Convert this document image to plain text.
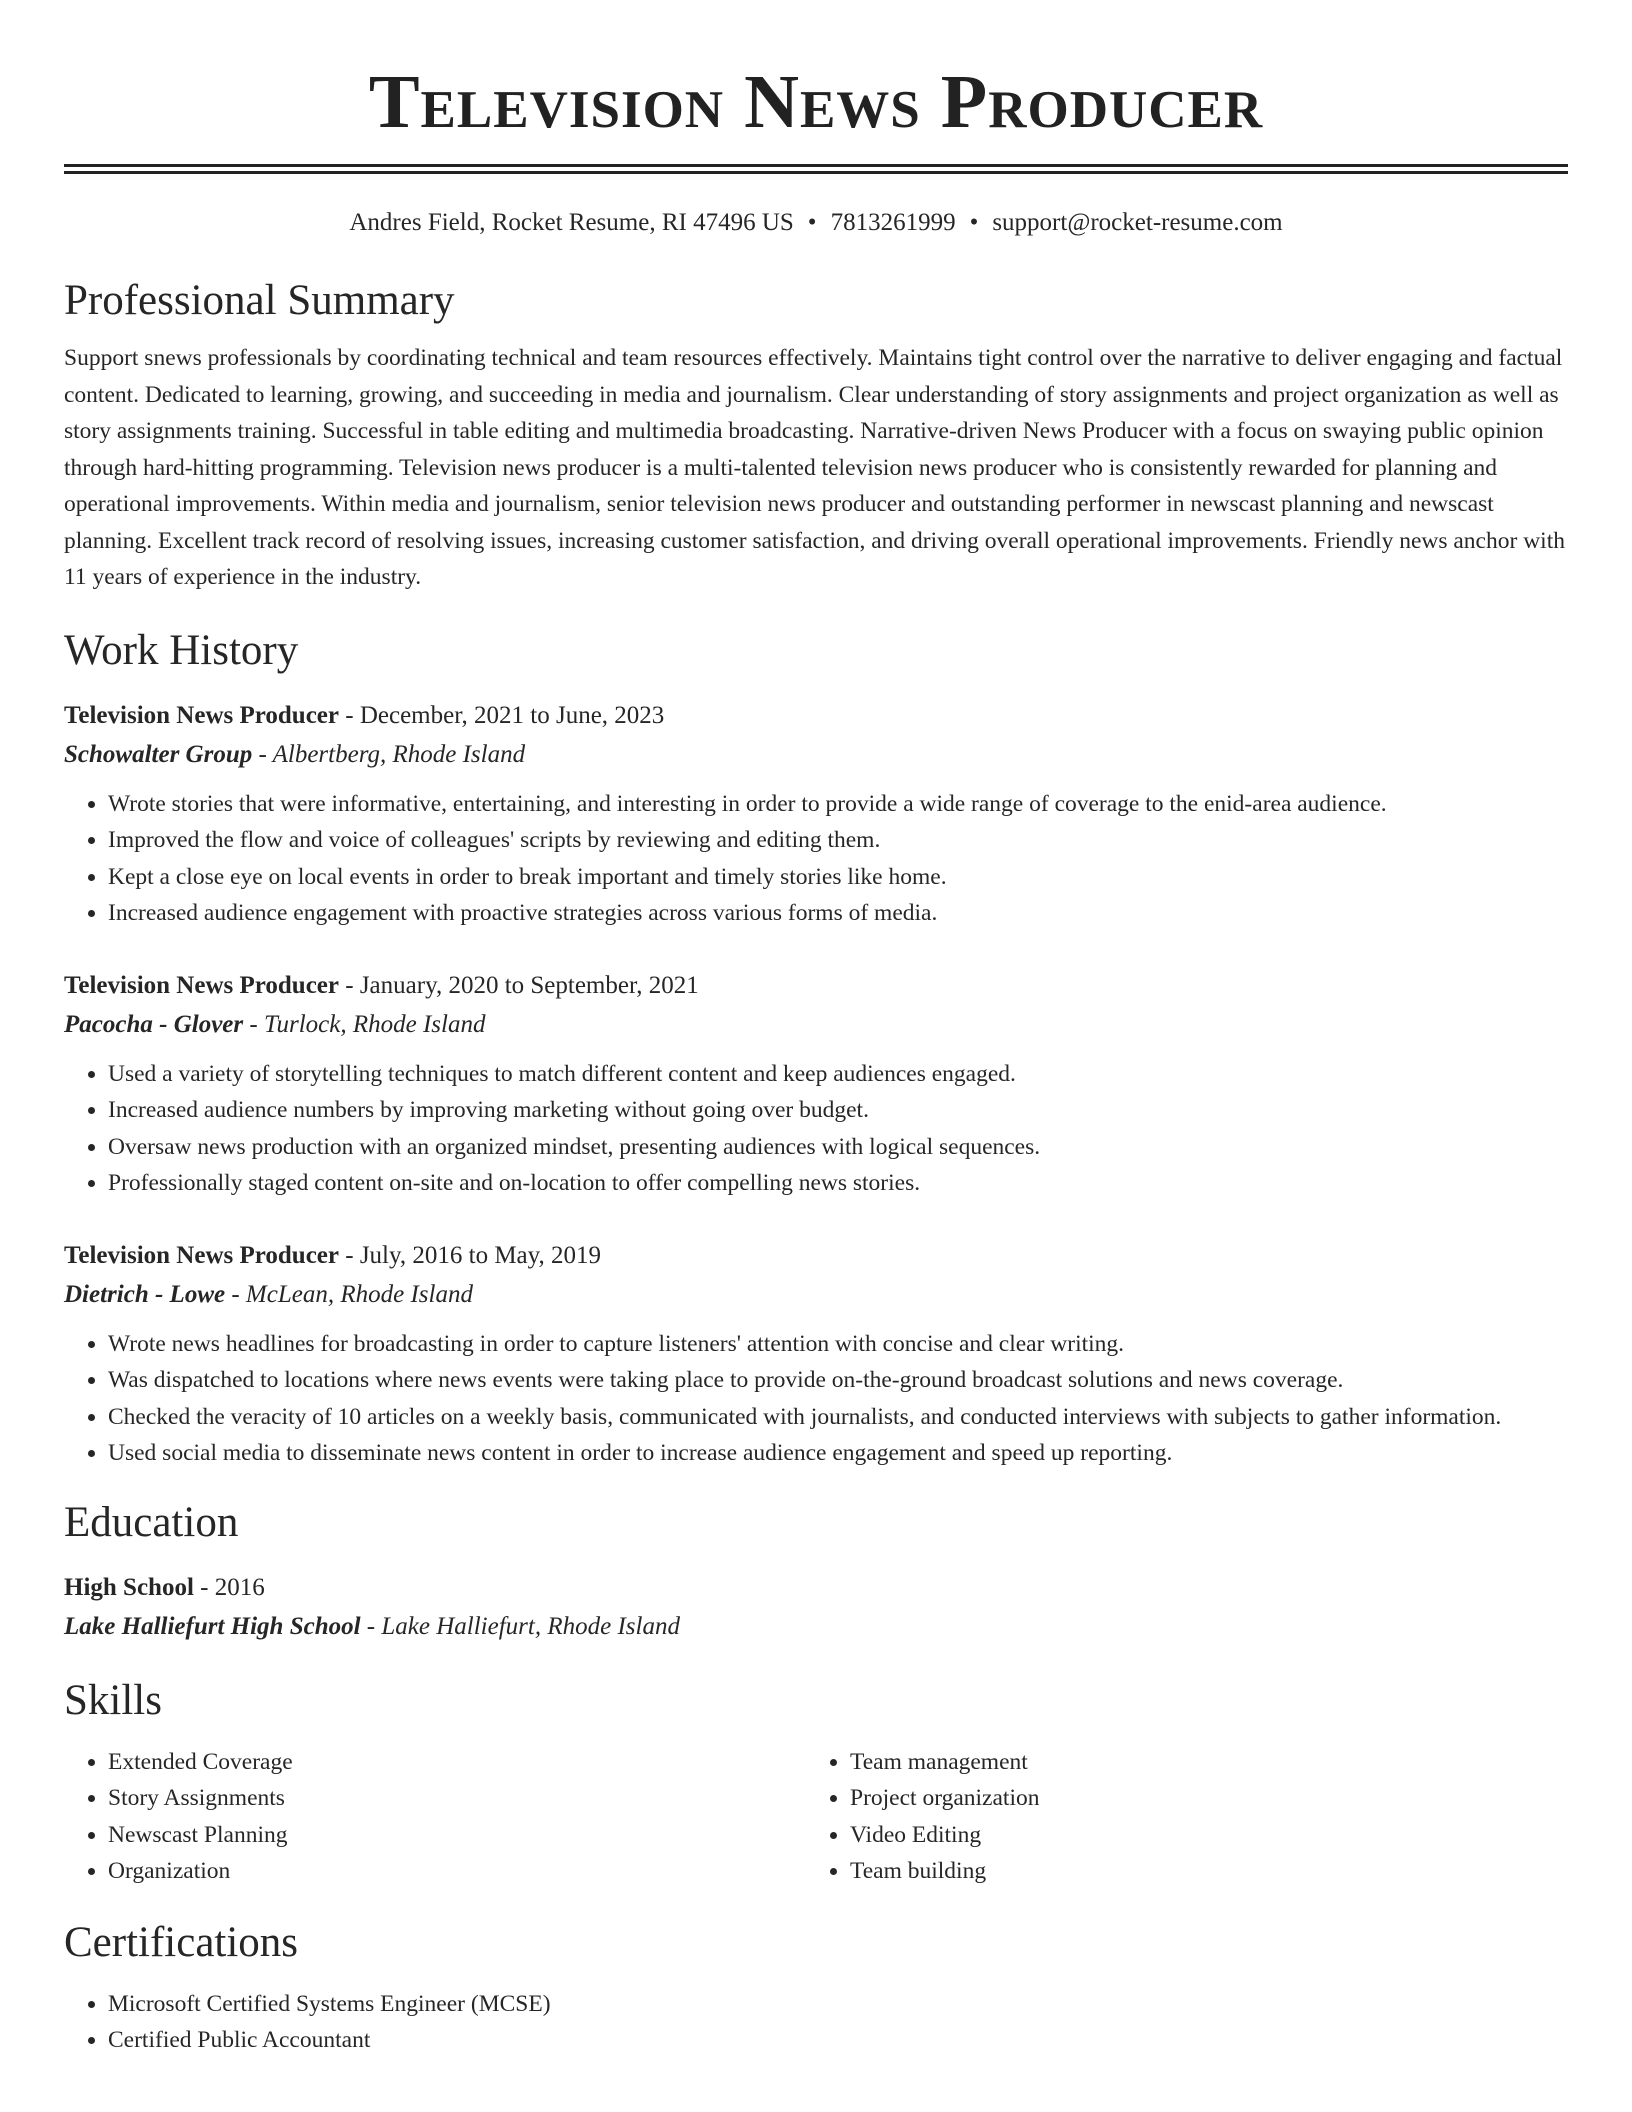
Television News Producer
Andres Field, Rocket Resume, RI 47496 US • 7813261999 • support@rocket-resume.com
Professional Summary

Support snews professionals by coordinating technical and team resources effectively. Maintains tight control over the narrative to deliver engaging and factual content. Dedicated to learning, growing, and succeeding in media and journalism. Clear understanding of story assignments and project organization as well as story assignments training. Successful in table editing and multimedia broadcasting. Narrative-driven News Producer with a focus on swaying public opinion through hard-hitting programming. Television news producer is a multi-talented television news producer who is consistently rewarded for planning and operational improvements. Within media and journalism, senior television news producer and outstanding performer in newscast planning and newscast planning. Excellent track record of resolving issues, increasing customer satisfaction, and driving overall operational improvements. Friendly news anchor with 11 years of experience in the industry.

Work History
Television News Producer - December, 2021 to June, 2023
Schowalter Group - Albertberg, Rhode Island
• Wrote stories that were informative, entertaining, and interesting in order to provide a wide range of coverage to the enid-area audience.
• Improved the flow and voice of colleagues' scripts by reviewing and editing them.
• Kept a close eye on local events in order to break important and timely stories like home.
• Increased audience engagement with proactive strategies across various forms of media.
Television News Producer - January, 2020 to September, 2021
Pacocha - Glover - Turlock, Rhode Island
• Used a variety of storytelling techniques to match different content and keep audiences engaged.
• Increased audience numbers by improving marketing without going over budget.
• Oversaw news production with an organized mindset, presenting audiences with logical sequences.
• Professionally staged content on-site and on-location to offer compelling news stories.
Television News Producer - July, 2016 to May, 2019
Dietrich - Lowe - McLean, Rhode Island
• Wrote news headlines for broadcasting in order to capture listeners' attention with concise and clear writing.
• Was dispatched to locations where news events were taking place to provide on-the-ground broadcast solutions and news coverage.
• Checked the veracity of 10 articles on a weekly basis, communicated with journalists, and conducted interviews with subjects to gather information.
• Used social media to disseminate news content in order to increase audience engagement and speed up reporting.
Education
High School - 2016
Lake Halliefurt High School - Lake Halliefurt, Rhode Island
Skills
• Extended Coverage
• Story Assignments
• Newscast Planning
• Organization
• Team management
• Project organization
• Video Editing
• Team building
Certifications
• Microsoft Certified Systems Engineer (MCSE)
• Certified Public Accountant
